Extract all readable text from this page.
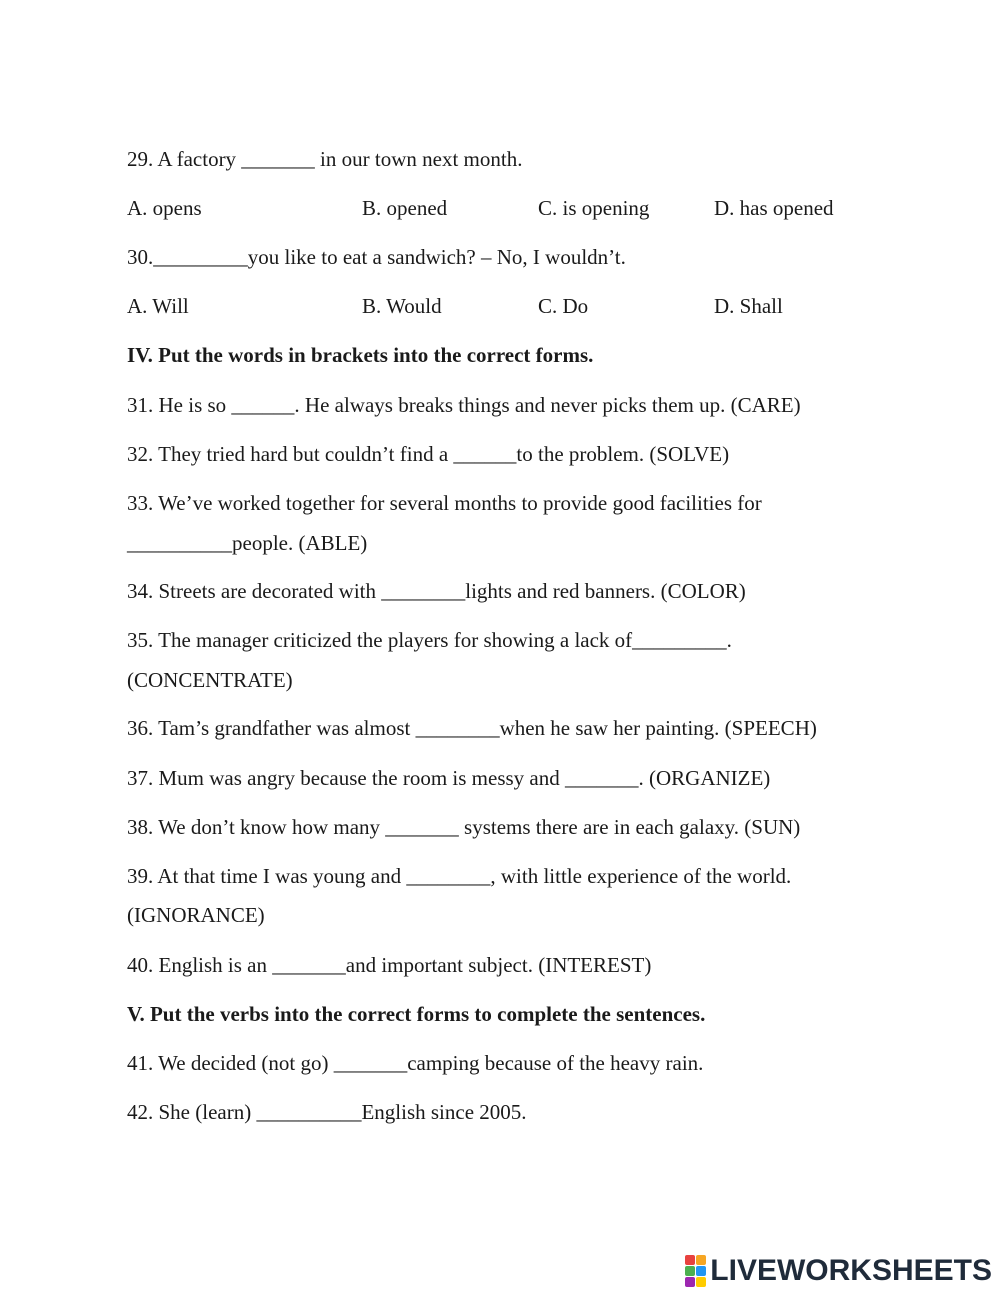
29. A factory _______ in our town next month.
A. opens	B. opened	C. is opening	D. has opened
30._________you like to eat a sandwich? – No, I wouldn’t.
A. Will	B. Would	C. Do	D. Shall
IV. Put the words in brackets into the correct forms.
31. He is so ______. He always breaks things and never picks them up. (CARE)
32. They tried hard but couldn’t find a ______to the problem. (SOLVE)
33. We’ve worked together for several months to provide good facilities for
__________people. (ABLE)
34. Streets are decorated with ________lights and red banners. (COLOR)
35. The manager criticized the players for showing a lack of_________.
(CONCENTRATE)
36. Tam’s grandfather was almost ________when he saw her painting. (SPEECH)
37. Mum was angry because the room is messy and _______. (ORGANIZE)
38. We don’t know how many _______ systems there are in each galaxy. (SUN)
39. At that time I was young and ________, with little experience of the world.
(IGNORANCE)
40. English is an _______and important subject. (INTEREST)
V. Put the verbs into the correct forms to complete the sentences.
41. We decided (not go) _______camping because of the heavy rain.
42. She (learn) __________English since 2005.
LIVEWORKSHEETS
